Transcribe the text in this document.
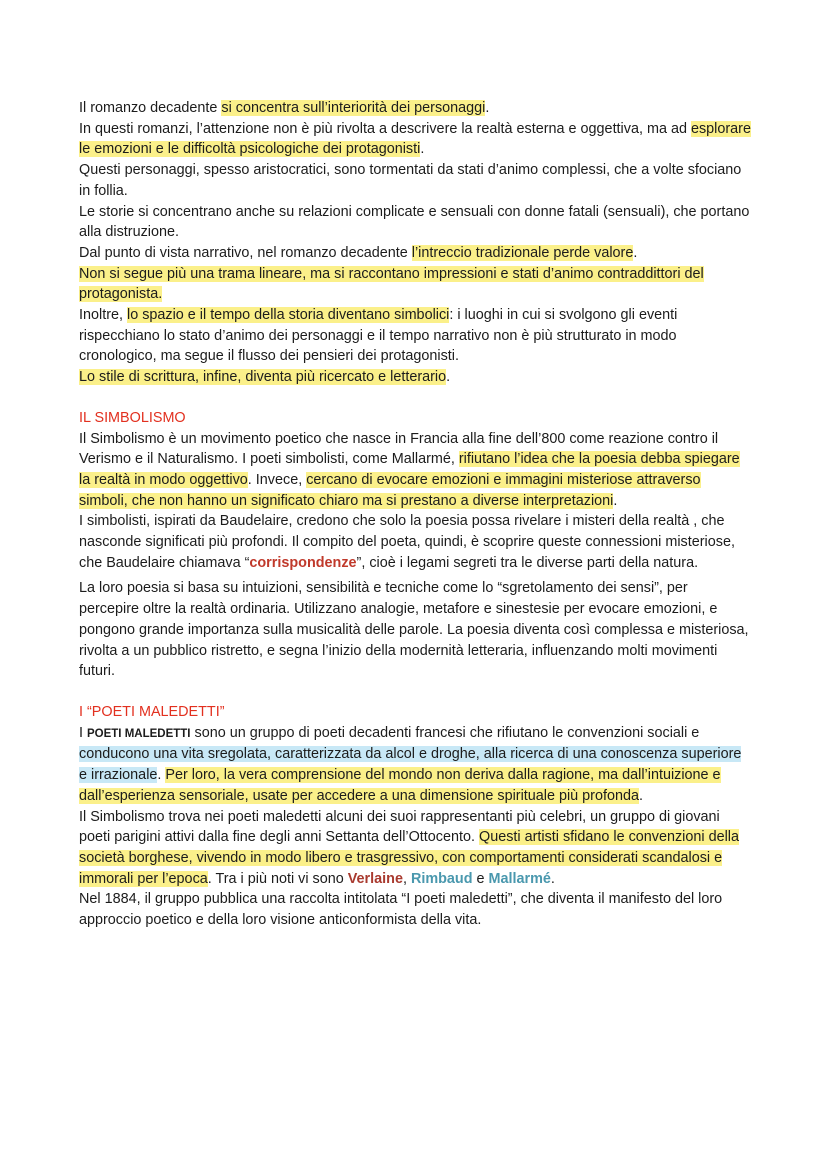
Il romanzo decadente si concentra sull’interiorità dei personaggi.

In questi romanzi, l’attenzione non è più rivolta a descrivere la realtà esterna e oggettiva, ma ad esplorare le emozioni e le difficoltà psicologiche dei protagonisti.

Questi personaggi, spesso aristocratici, sono tormentati da stati d’animo complessi, che a volte sfociano in follia.

Le storie si concentrano anche su relazioni complicate e sensuali con donne fatali (sensuali), che portano alla distruzione.

Dal punto di vista narrativo, nel romanzo decadente l’intreccio tradizionale perde valore.

Non si segue più una trama lineare, ma si raccontano impressioni e stati d’animo contraddittori del protagonista.

Inoltre, lo spazio e il tempo della storia diventano simbolici: i luoghi in cui si svolgono gli eventi rispecchiano lo stato d’animo dei personaggi e il tempo narrativo non è più strutturato in modo cronologico, ma segue il flusso dei pensieri dei protagonisti.

Lo stile di scrittura, infine, diventa più ricercato e letterario.

IL SIMBOLISMO

Il Simbolismo è un movimento poetico che nasce in Francia alla fine dell’800 come reazione contro il Verismo e il Naturalismo. I poeti simbolisti, come Mallarmé, rifiutano l’idea che la poesia debba spiegare la realtà in modo oggettivo. Invece, cercano di evocare emozioni e immagini misteriose attraverso simboli, che non hanno un significato chiaro ma si prestano a diverse interpretazioni.

I simbolisti, ispirati da Baudelaire, credono che solo la poesia possa rivelare i misteri della realtà , che nasconde significati più profondi. Il compito del poeta, quindi, è scoprire queste connessioni misteriose, che Baudelaire chiamava “corrispondenze”, cioè i legami segreti tra le diverse parti della natura.

La loro poesia si basa su intuizioni, sensibilità e tecniche come lo “sgretolamento dei sensi”, per percepire oltre la realtà ordinaria. Utilizzano analogie, metafore e sinestesie per evocare emozioni, e pongono grande importanza sulla musicalità delle parole. La poesia diventa così complessa e misteriosa, rivolta a un pubblico ristretto, e segna l’inizio della modernità letteraria, influenzando molti movimenti futuri.

I “POETI MALEDETTI”

I POETI MALEDETTI sono un gruppo di poeti decadenti francesi che rifiutano le convenzioni sociali e conducono una vita sregolata, caratterizzata da alcol e droghe, alla ricerca di una conoscenza superiore e irrazionale. Per loro, la vera comprensione del mondo non deriva dalla ragione, ma dall’intuizione e dall’esperienza sensoriale, usate per accedere a una dimensione spirituale più profonda.

Il Simbolismo trova nei poeti maledetti alcuni dei suoi rappresentanti più celebri, un gruppo di giovani poeti parigini attivi dalla fine degli anni Settanta dell’Ottocento. Questi artisti sfidano le convenzioni della società borghese, vivendo in modo libero e trasgressivo, con comportamenti considerati scandalosi e immorali per l’epoca. Tra i più noti vi sono Verlaine, Rimbaud e Mallarmé.

Nel 1884, il gruppo pubblica una raccolta intitolata “I poeti maledetti”, che diventa il manifesto del loro approccio poetico e della loro visione anticonformista della vita.
